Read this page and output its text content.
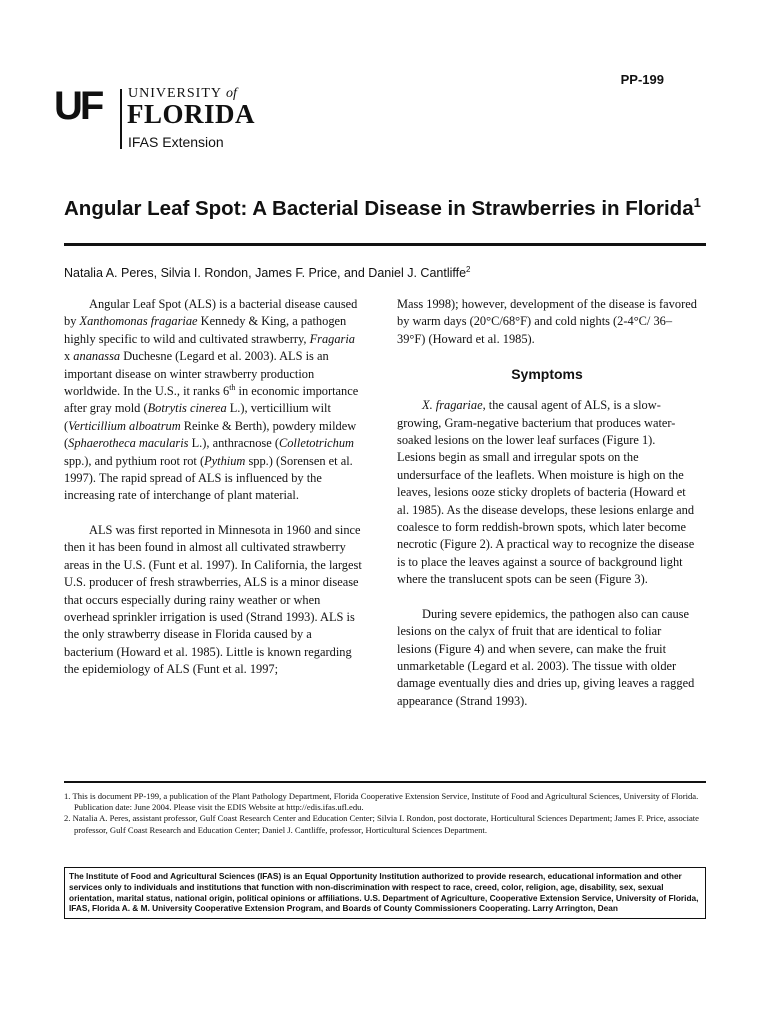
PP-199
UF UNIVERSITY of
FLORIDA
IFAS Extension
Angular Leaf Spot: A Bacterial Disease in Strawberries in Florida$^1$

Natalia A. Peres, Silvia I. Rondon, James F. Price, and Daniel J. Cantliffe$^2$

Angular Leaf Spot (ALS) is a bacterial disease caused by Xanthomonas fragariae Kennedy & King, a pathogen highly specific to wild and cultivated strawberry, Fragaria x ananassa Duchesne (Legard et al. 2003). ALS is an important disease on winter strawberry production worldwide. In the U.S., it ranks 6th in economic importance after gray mold (Botrytis cinerea L.), verticillium wilt (Verticillium alboatrum Reinke & Berth), powdery mildew (Sphaerotheca macularis L.), anthracnose (Colletotrichum spp.), and pythium root rot (Pythium spp.) (Sorensen et al. 1997). The rapid spread of ALS is influenced by the increasing rate of interchange of plant material.

ALS was first reported in Minnesota in 1960 and since then it has been found in almost all cultivated strawberry areas in the U.S. (Funt et al. 1997). In California, the largest U.S. producer of fresh strawberries, ALS is a minor disease that occurs especially during rainy weather or when overhead sprinkler irrigation is used (Strand 1993). ALS is the only strawberry disease in Florida caused by a bacterium (Howard et al. 1985). Little is known regarding the epidemiology of ALS (Funt et al. 1997;

Mass 1998); however, development of the disease is favored by warm days (20°C/68°F) and cold nights (2-4°C/ 36–39°F) (Howard et al. 1985).

Symptoms

X. fragariae, the causal agent of ALS, is a slow-growing, Gram-negative bacterium that produces water-soaked lesions on the lower leaf surfaces (Figure 1). Lesions begin as small and irregular spots on the undersurface of the leaflets. When moisture is high on the leaves, lesions ooze sticky droplets of bacteria (Howard et al. 1985). As the disease develops, these lesions enlarge and coalesce to form reddish-brown spots, which later become necrotic (Figure 2). A practical way to recognize the disease is to place the leaves against a source of background light where the translucent spots can be seen (Figure 3).

During severe epidemics, the pathogen also can cause lesions on the calyx of fruit that are identical to foliar lesions (Figure 4) and when severe, can make the fruit unmarketable (Legard et al. 2003). The tissue with older damage eventually dies and dries up, giving leaves a ragged appearance (Strand 1993).

1. This is document PP-199, a publication of the Plant Pathology Department, Florida Cooperative Extension Service, Institute of Food and Agricultural Sciences, University of Florida. Publication date: June 2004. Please visit the EDIS Website at http://edis.ifas.ufl.edu.

2. Natalia A. Peres, assistant professor, Gulf Coast Research Center and Education Center; Silvia I. Rondon, post doctorate, Horticultural Sciences Department; James F. Price, associate professor, Gulf Coast Research and Education Center; Daniel J. Cantliffe, professor, Horticultural Sciences Department.

The Institute of Food and Agricultural Sciences (IFAS) is an Equal Opportunity Institution authorized to provide research, educational information and other services only to individuals and institutions that function with non-discrimination with respect to race, creed, color, religion, age, disability, sex, sexual orientation, marital status, national origin, political opinions or affiliations. U.S. Department of Agriculture, Cooperative Extension Service, University of Florida, IFAS, Florida A. & M. University Cooperative Extension Program, and Boards of County Commissioners Cooperating. Larry Arrington, Dean
